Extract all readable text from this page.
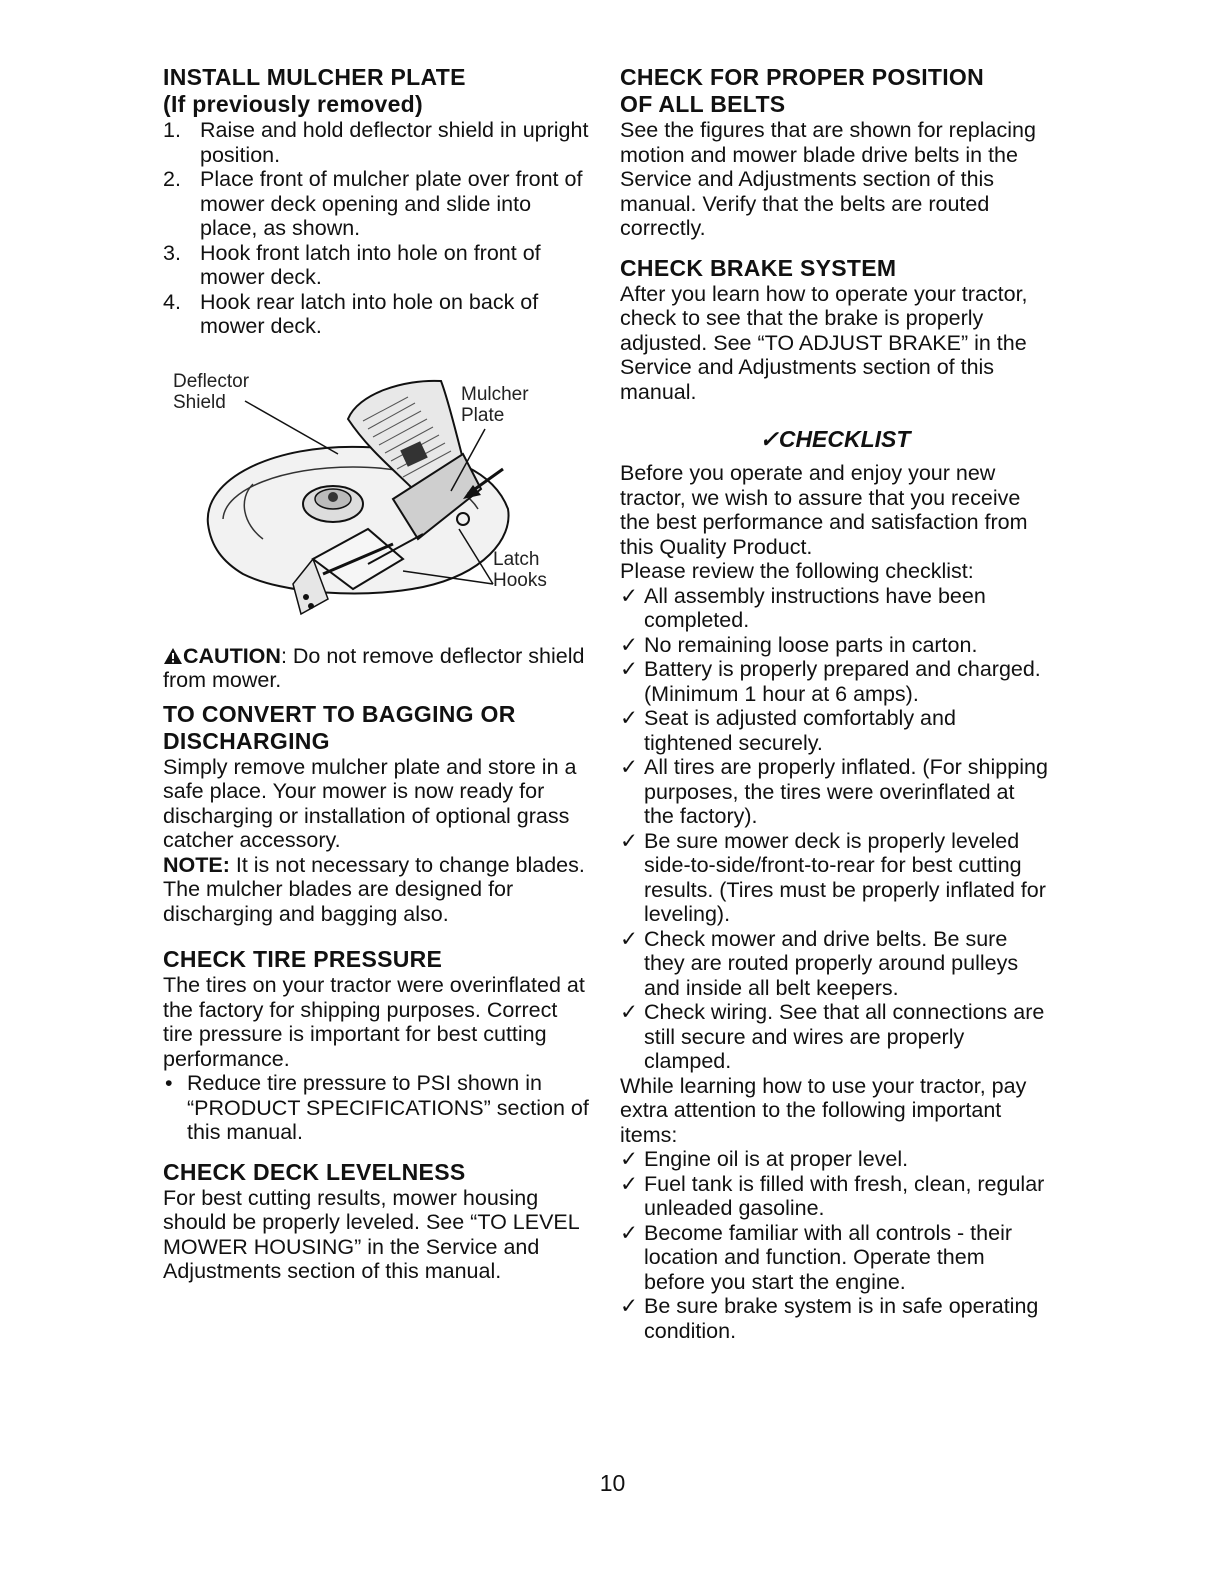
INSTALL MULCHER PLATE
(If previously removed)
1. Raise and hold deflector shield in upright position.
2. Place front of mulcher plate over front of mower deck opening and slide into place, as shown.
3. Hook front latch into hole on front of mower deck.
4. Hook rear latch into hole on back of mower deck.
Deflector
Shield	Mulcher
Plate
Latch
Hooks

CAUTION: Do not remove deflector shield from mower.

TO CONVERT TO BAGGING OR
DISCHARGING

Simply remove mulcher plate and store in a safe place. Your mower is now ready for discharging or installation of optional grass catcher accessory.

NOTE: It is not necessary to change blades. The mulcher blades are designed for discharging and bagging also.

CHECK TIRE PRESSURE

The tires on your tractor were overinflated at the factory for shipping purposes. Correct tire pressure is important for best cutting performance.

• Reduce tire pressure to PSI shown in “PRODUCT SPECIFICATIONS” section of this manual.
CHECK DECK LEVELNESS

For best cutting results, mower housing should be properly leveled. See “TO LEVEL MOWER HOUSING” in the Service and Adjustments section of this manual.

CHECK FOR PROPER POSITION
OF ALL BELTS

See the figures that are shown for replacing motion and mower blade drive belts in the Service and Adjustments section of this manual. Verify that the belts are routed correctly.

CHECK BRAKE SYSTEM

After you learn how to operate your tractor, check to see that the brake is properly adjusted. See “TO ADJUST BRAKE” in the Service and Adjustments section of this manual.

✓CHECKLIST

Before you operate and enjoy your new tractor, we wish to assure that you receive the best performance and satisfaction from this Quality Product.

Please review the following checklist:

✓ All assembly instructions have been completed.
✓ No remaining loose parts in carton.
✓ Battery is properly prepared and charged. (Minimum 1 hour at 6 amps).
✓ Seat is adjusted comfortably and tightened securely.
✓ All tires are properly inflated. (For shipping purposes, the tires were overinflated at the factory).
✓ Be sure mower deck is properly leveled side-to-side/front-to-rear for best cutting results. (Tires must be properly inflated for leveling).
✓ Check mower and drive belts. Be sure they are routed properly around pulleys and inside all belt keepers.
✓ Check wiring. See that all connections are still secure and wires are properly clamped.

While learning how to use your tractor, pay extra attention to the following important items:

✓ Engine oil is at proper level.
✓ Fuel tank is filled with fresh, clean, regular unleaded gasoline.
✓ Become familiar with all controls - their location and function. Operate them before you start the engine.
✓ Be sure brake system is in safe operating condition.
10
